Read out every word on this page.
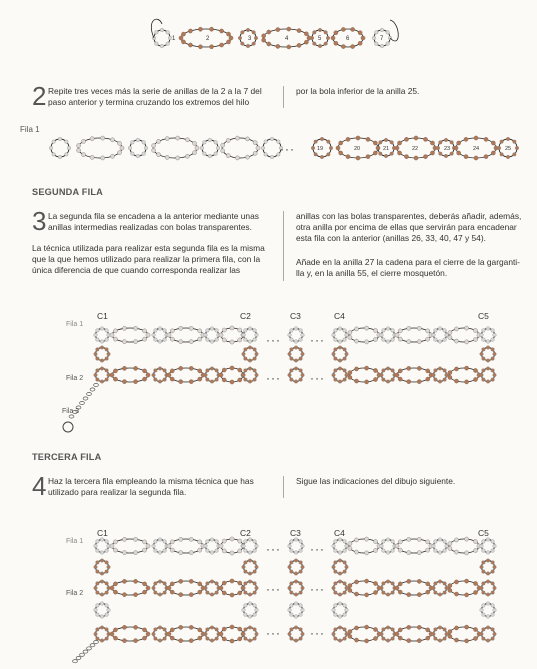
1	2	3	4	5	6	7
2 Repite tres veces más la serie de anillas de la 2 a la 7 del
paso anterior y termina cruzando los extremos del hilo
por la bola inferior de la anilla 25.
Fila 1
···	19	20	21	22	23	24	25
SEGUNDA FILA
3 La segunda fila se encadena a la anterior mediante unas
anillas intermedias realizadas con bolas transparentes.
La técnica utilizada para realizar esta segunda fila es la misma
que la que hemos utilizado para realizar la primera fila, con la
única diferencia de que cuando corresponda realizar las
anillas con las bolas transparentes, deberás añadir, además,
otra anilla por encima de ellas que servirán para encadenar
esta fila con la anterior (anillas 26, 33, 40, 47 y 54).
Añade en la anilla 27 la cadena para el cierre de la garganti-
lla y, en la anilla 55, el cierre mosquetón.
C1	C2	C3	C4	C5
Fila 1
Fila 2
Fila 3
··· ···
··· ···
TERCERA FILA
4 Haz la tercera fila empleando la misma técnica que has
utilizado para realizar la segunda fila.
Sigue las indicaciones del dibujo siguiente.
C1	C2	C3	C4	C5
Fila 1
Fila 2
··· ···
··· ···
··· ···
